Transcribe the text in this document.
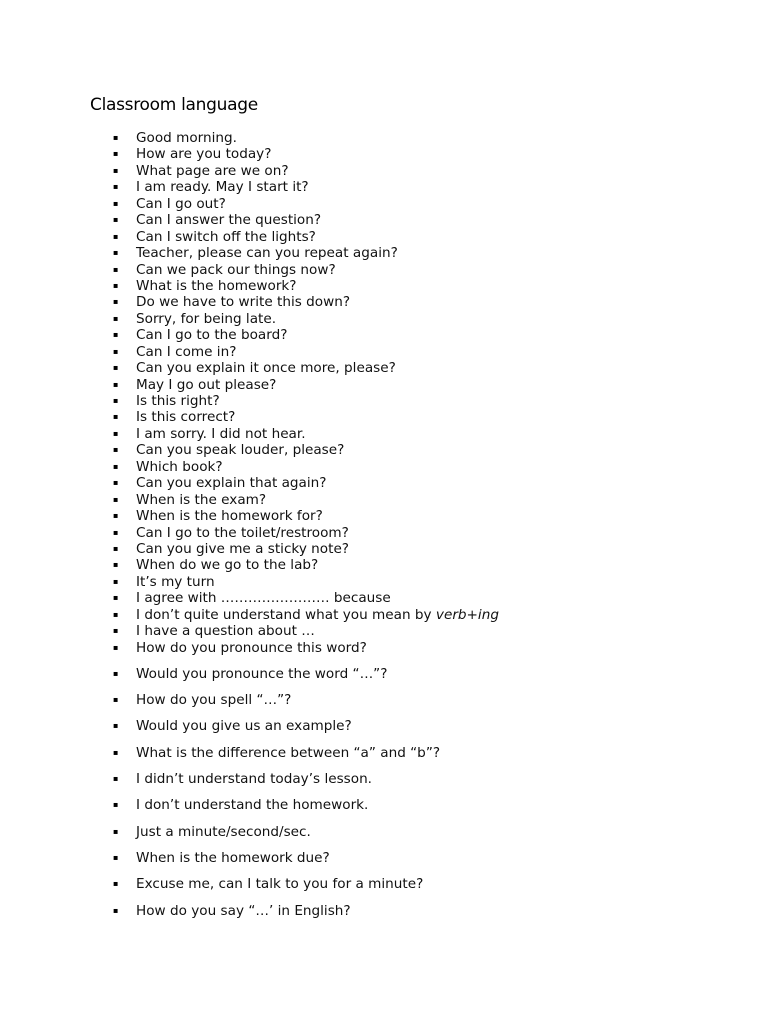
Classroom language
▪ Good morning.
▪ How are you today?
▪ What page are we on?
▪ I am ready. May I start it?
▪ Can I go out?
▪ Can I answer the question?
▪ Can I switch off the lights?
▪ Teacher, please can you repeat again?
▪ Can we pack our things now?
▪ What is the homework?
▪ Do we have to write this down?
▪ Sorry, for being late.
▪ Can I go to the board?
▪ Can I come in?
▪ Can you explain it once more, please?
▪ May I go out please?
▪ Is this right?
▪ Is this correct?
▪ I am sorry. I did not hear.
▪ Can you speak louder, please?
▪ Which book?
▪ Can you explain that again?
▪ When is the exam?
▪ When is the homework for?
▪ Can I go to the toilet/restroom?
▪ Can you give me a sticky note?
▪ When do we go to the lab?
▪ It’s my turn
▪ I agree with …………………… because
▪ I don’t quite understand what you mean by verb+ing
▪ I have a question about …
▪ How do you pronounce this word?
▪ Would you pronounce the word “…”?
▪ How do you spell “…”?
▪ Would you give us an example?
▪ What is the difference between “a” and “b”?
▪ I didn’t understand today’s lesson.
▪ I don’t understand the homework.
▪ Just a minute/second/sec.
▪ When is the homework due?
▪ Excuse me, can I talk to you for a minute?
▪ How do you say “…’ in English?
